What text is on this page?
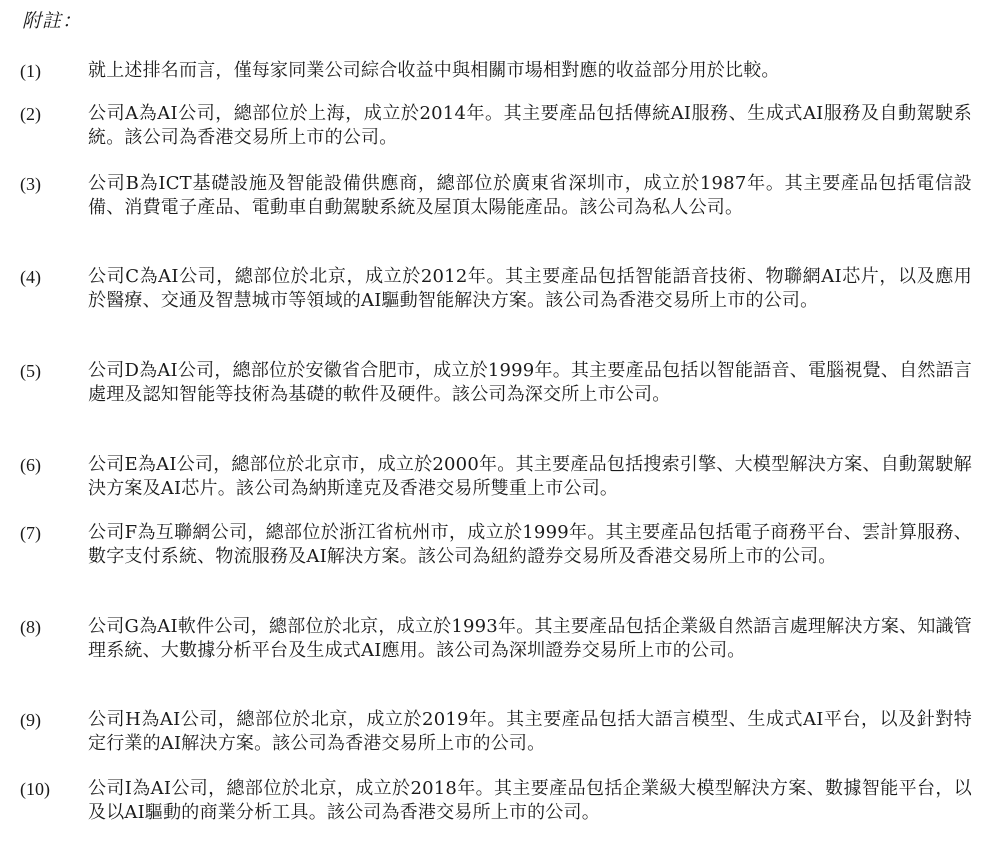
附註：
(1)	就上述排名而言，僅每家同業公司綜合收益中與相關市場相對應的收益部分用於比較。
(2)	公司A為AI公司，總部位於上海，成立於2014年。其主要產品包括傳統AI服務、生成式AI服務及自動駕駛系統。該公司為香港交易所上市的公司。
(3)	公司B為ICT基礎設施及智能設備供應商，總部位於廣東省深圳市，成立於1987年。其主要產品包括電信設備、消費電子產品、電動車自動駕駛系統及屋頂太陽能產品。該公司為私人公司。
(4)	公司C為AI公司，總部位於北京，成立於2012年。其主要產品包括智能語音技術、物聯網AI芯片，以及應用於醫療、交通及智慧城市等領域的AI驅動智能解決方案。該公司為香港交易所上市的公司。
(5)	公司D為AI公司，總部位於安徽省合肥市，成立於1999年。其主要產品包括以智能語音、電腦視覺、自然語言處理及認知智能等技術為基礎的軟件及硬件。該公司為深交所上市公司。
(6)	公司E為AI公司，總部位於北京市，成立於2000年。其主要產品包括搜索引擎、大模型解決方案、自動駕駛解決方案及AI芯片。該公司為納斯達克及香港交易所雙重上市公司。
(7)	公司F為互聯網公司，總部位於浙江省杭州市，成立於1999年。其主要產品包括電子商務平台、雲計算服務、數字支付系統、物流服務及AI解決方案。該公司為紐約證券交易所及香港交易所上市的公司。
(8)	公司G為AI軟件公司，總部位於北京，成立於1993年。其主要產品包括企業級自然語言處理解決方案、知識管理系統、大數據分析平台及生成式AI應用。該公司為深圳證券交易所上市的公司。
(9)	公司H為AI公司，總部位於北京，成立於2019年。其主要產品包括大語言模型、生成式AI平台，以及針對特定行業的AI解決方案。該公司為香港交易所上市的公司。
(10)	公司I為AI公司，總部位於北京，成立於2018年。其主要產品包括企業級大模型解決方案、數據智能平台，以及以AI驅動的商業分析工具。該公司為香港交易所上市的公司。
